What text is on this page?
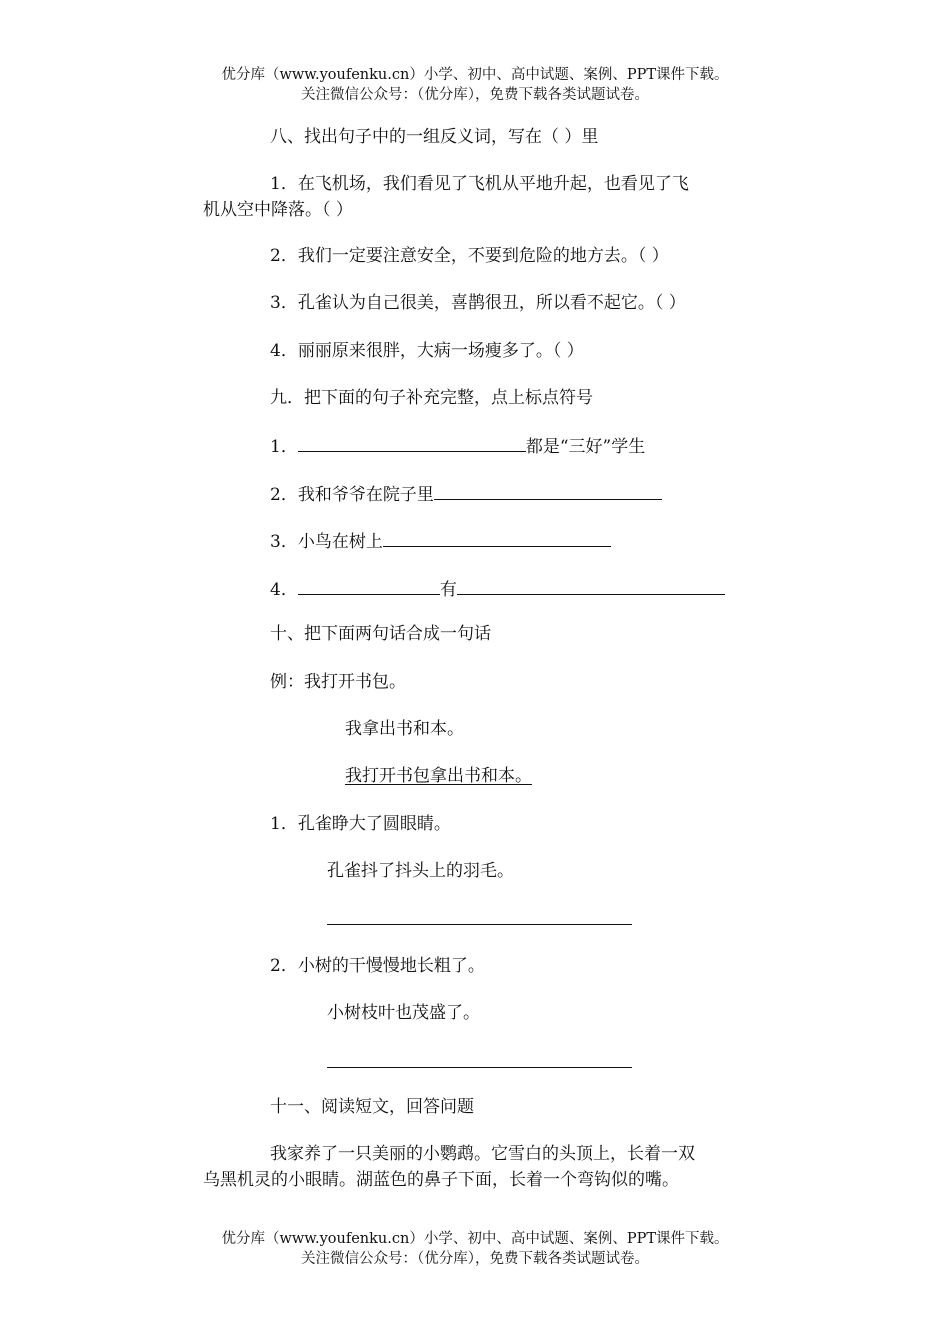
优分库（www.youfenku.cn）小学、初中、高中试题、案例、PPT课件下载。
关注微信公众号：（优分库），免费下载各类试题试卷。
八、找出句子中的一组反义词，写在（ ）里
1．在飞机场，我们看见了飞机从平地升起，也看见了飞
机从空中降落。（ ）
2．我们一定要注意安全，不要到危险的地方去。（ ）
3．孔雀认为自己很美，喜鹊很丑，所以看不起它。（ ）
4．丽丽原来很胖，大病一场瘦多了。（ ）
九．把下面的句子补充完整，点上标点符号
1．	都是“三好”学生
2．我和爷爷在院子里
3．小鸟在树上
4．	有
十、把下面两句话合成一句话
例：我打开书包。
我拿出书和本。
我打开书包拿出书和本。
1．孔雀睁大了圆眼睛。
孔雀抖了抖头上的羽毛。
2．小树的干慢慢地长粗了。
小树枝叶也茂盛了。
十一、阅读短文，回答问题
我家养了一只美丽的小鹦鹉。它雪白的头顶上，长着一双
乌黑机灵的小眼睛。湖蓝色的鼻子下面，长着一个弯钩似的嘴。
优分库（www.youfenku.cn）小学、初中、高中试题、案例、PPT课件下载。
关注微信公众号：（优分库），免费下载各类试题试卷。
